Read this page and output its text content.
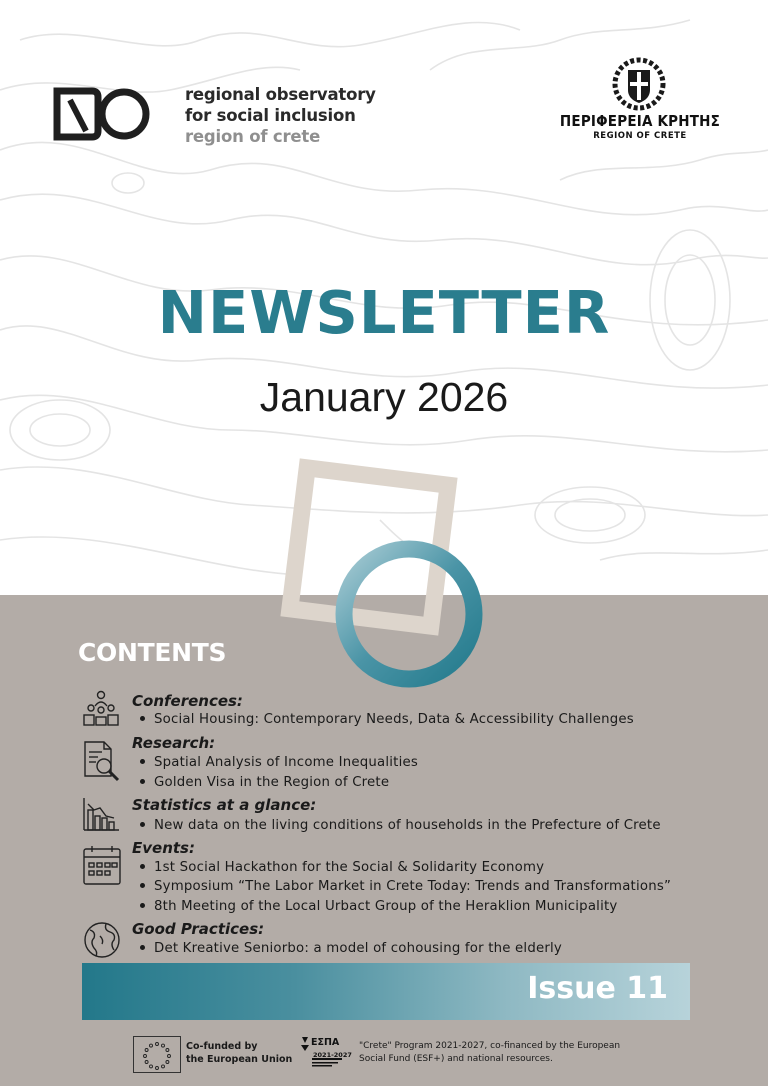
regional observatory
for social inclusion
region of crete
ΠΕΡΙΦΕΡΕΙΑ ΚΡΗΤΗΣ
REGION OF CRETE
NEWSLETTER
January 2026
CONTENTS
Conferences:
Social Housing: Contemporary Needs, Data & Accessibility Challenges
Research:
Spatial Analysis of Income Inequalities
Golden Visa in the Region of Crete
Statistics at a glance:
New data on the living conditions of households in the Prefecture of Crete
Events:
1st Social Hackathon for the Social & Solidarity Economy
Symposium “The Labor Market in Crete Today: Trends and Transformations”
8th Meeting of the Local Urbact Group of the Heraklion Municipality
Good Practices:
Det Kreative Seniorbo: a model of cohousing for the elderly
Issue 11
Co-funded by
the European Union
ΕΣΠΑ
2021-2027
"Crete" Program 2021-2027, co-financed by the European Social Fund (ESF+) and national resources.
